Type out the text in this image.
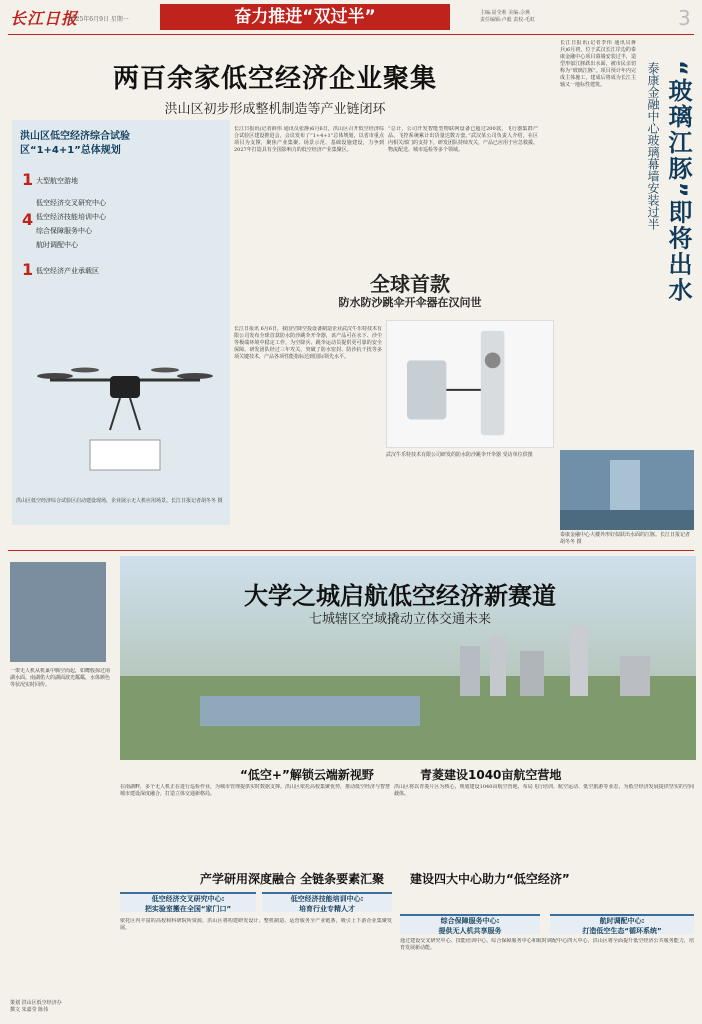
长江日报
2025年6月9日 星期一	奋力推进“双过半”	主编:屈莹莉 美编:佘燕
责任编辑:卢毅 责校:毛虹	3
两百余家低空经济企业聚集
洪山区初步形成整机制造等产业链闭环
洪山区低空经济综合试验区“1+4+1”总体规划
1 大型航空游地
4
低空经济交叉研究中心
低空经济技能培训中心
综合保障服务中心
航时调配中心
1 低空经济产业承载区
洪山区低空经济综合试验区启动建设现场，企业展示无人机应用场景。长江日报记者胡冬冬 摄
长江日报讯(记者薛伟 通讯员张静)6月6日，洪山区召开低空经济综合试验区建设推进会，会议发布了“1+4+1”总体规划，以省市重点项目为支撑，聚焦产业集聚、场景示范、基础设施建设，力争到2027年打造具有全国影响力的低空经济产业集聚区。
“总计，公司开发智能型物联网设备已超过200款，飞行器集群产品、飞控系统累计出货量达数万套。”武汉某公司负责人介绍，在区内相关部门的支持下，研发团队持续攻关，产品已应用于应急救援、物流配送、城市巡检等多个领域。
全球首款
防水防沙跳伞开伞器在汉问世
长江日报讯 6月6日，我国空降空投设备制造企业武汉牛乐特技术有限公司发布全球首款防水防沙跳伞开伞器，该产品可在水下、沙尘等极端环境中稳定工作，为空降兵、跳伞运动员提供更可靠的安全保障。研发团队经过三年攻关，突破了防水密封、防沙抗干扰等多项关键技术，产品各项性能指标达到国际领先水平。
武汉牛乐特技术有限公司研发的防水防沙跳伞开伞器 受访单位供图
“玻璃江豚”即将出水
泰康金融中心玻璃幕墙安装过半
长江日报讯(记者李伟 通讯员蒋兵)6月初，位于武汉长江岸边的泰康金融中心项目幕墙安装过半，造型形似江豚跃出水面，被市民亲切称为“玻璃江豚”。项目预计年内完成主体施工，建成后将成为长江主轴又一地标性建筑。
泰康金融中心大楼外形好似跃出水面的江豚。长江日报记者胡冬冬 摄
大学之城启航低空经济新赛道
七城辖区空域撬动立体交通未来
一架无人机从机巢中腾空而起，如鹰般掠过南湖水面。南湖偌大的湖面波光粼粼，水体颜色等状况实时回传。
策划 洪山区低空经济办
撰文 朱嘉莹 陈伟
“低空+”解锁云端新视野	青菱建设1040亩航空营地
在南湖畔，多个无人机正在进行巡检作业，为城市管理提供实时数据支撑。洪山区依托高校集聚优势，推动低空经济与智慧城市建设深度融合，打造立体交通新格局。
洪山区将以青菱片区为核心，规划建设1040亩航空营地，布局飞行培训、航空运动、低空旅游等业态，为低空经济发展提供坚实的空间载体。
产学研用深度融合 全链条要素汇聚 建设四大中心助力“低空经济”
低空经济交叉研究中心:
把实验室搬在全国“家门口”
低空经济技能培训中心:
培育行业专精人才
综合保障服务中心:
提供无人机共享服务
航时调配中心:
打造低空生态“循环系统”
依托区内丰富的高校和科研院所资源，洪山区将构建研发设计、整机制造、运营服务全产业链条，吸引上下游企业集聚发展。
通过建设交叉研究中心、技能培训中心、综合保障服务中心和航时调配中心四大中心，洪山区将全面提升低空经济公共服务能力，培育发展新动能。
